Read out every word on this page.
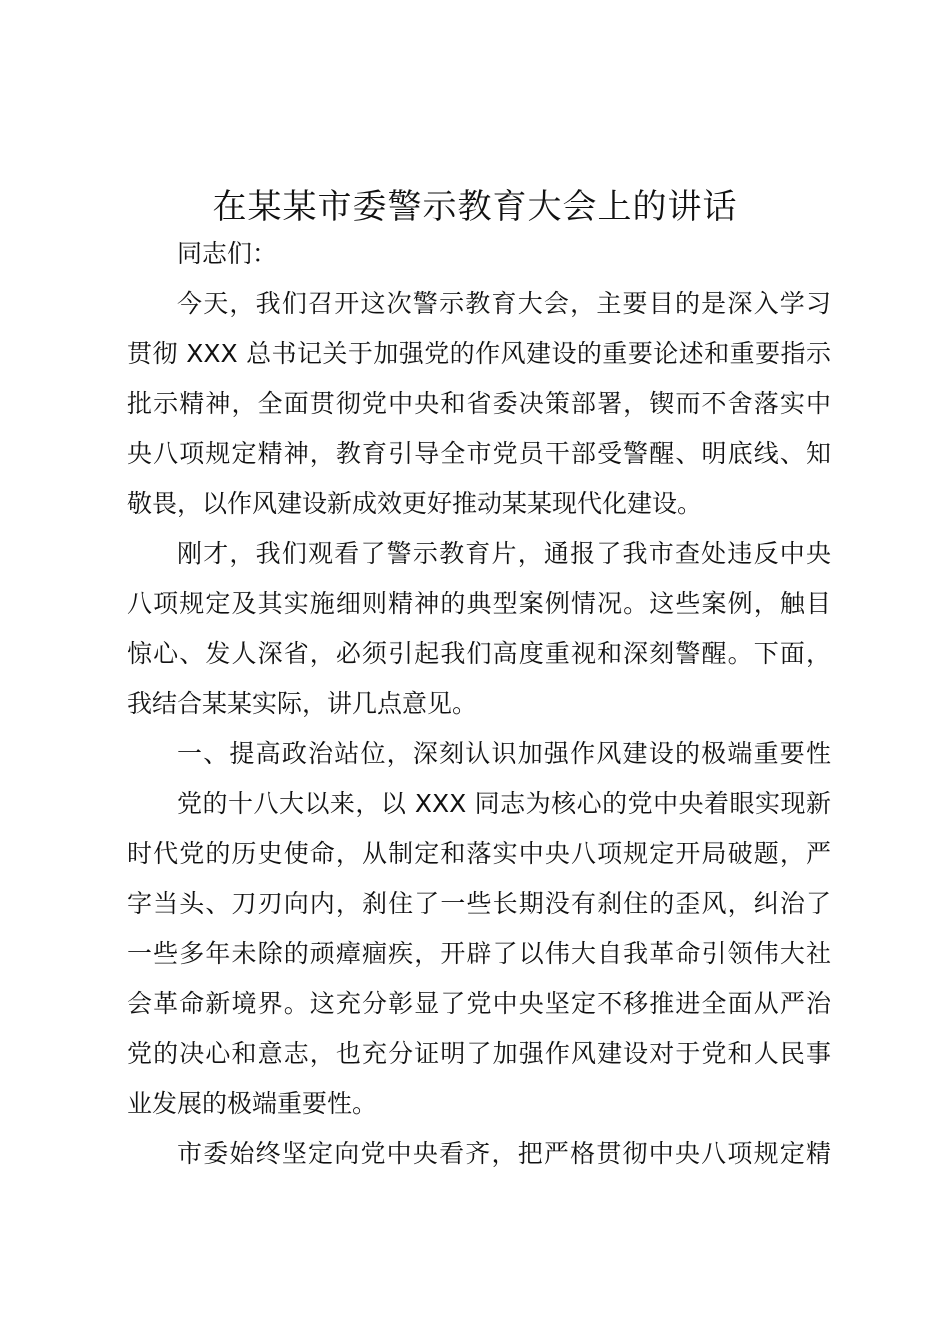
在某某市委警示教育大会上的讲话
同志们：
今天，我们召开这次警示教育大会，主要目的是深入学习
贯彻 XXX 总书记关于加强党的作风建设的重要论述和重要指示
批示精神，全面贯彻党中央和省委决策部署，锲而不舍落实中
央八项规定精神，教育引导全市党员干部受警醒、明底线、知
敬畏，以作风建设新成效更好推动某某现代化建设。
刚才，我们观看了警示教育片，通报了我市查处违反中央
八项规定及其实施细则精神的典型案例情况。这些案例，触目
惊心、发人深省，必须引起我们高度重视和深刻警醒。下面，
我结合某某实际，讲几点意见。
一、提高政治站位，深刻认识加强作风建设的极端重要性
党的十八大以来，以 XXX 同志为核心的党中央着眼实现新
时代党的历史使命，从制定和落实中央八项规定开局破题，严
字当头、刀刃向内，刹住了一些长期没有刹住的歪风，纠治了
一些多年未除的顽瘴痼疾，开辟了以伟大自我革命引领伟大社
会革命新境界。这充分彰显了党中央坚定不移推进全面从严治
党的决心和意志，也充分证明了加强作风建设对于党和人民事
业发展的极端重要性。
市委始终坚定向党中央看齐，把严格贯彻中央八项规定精
